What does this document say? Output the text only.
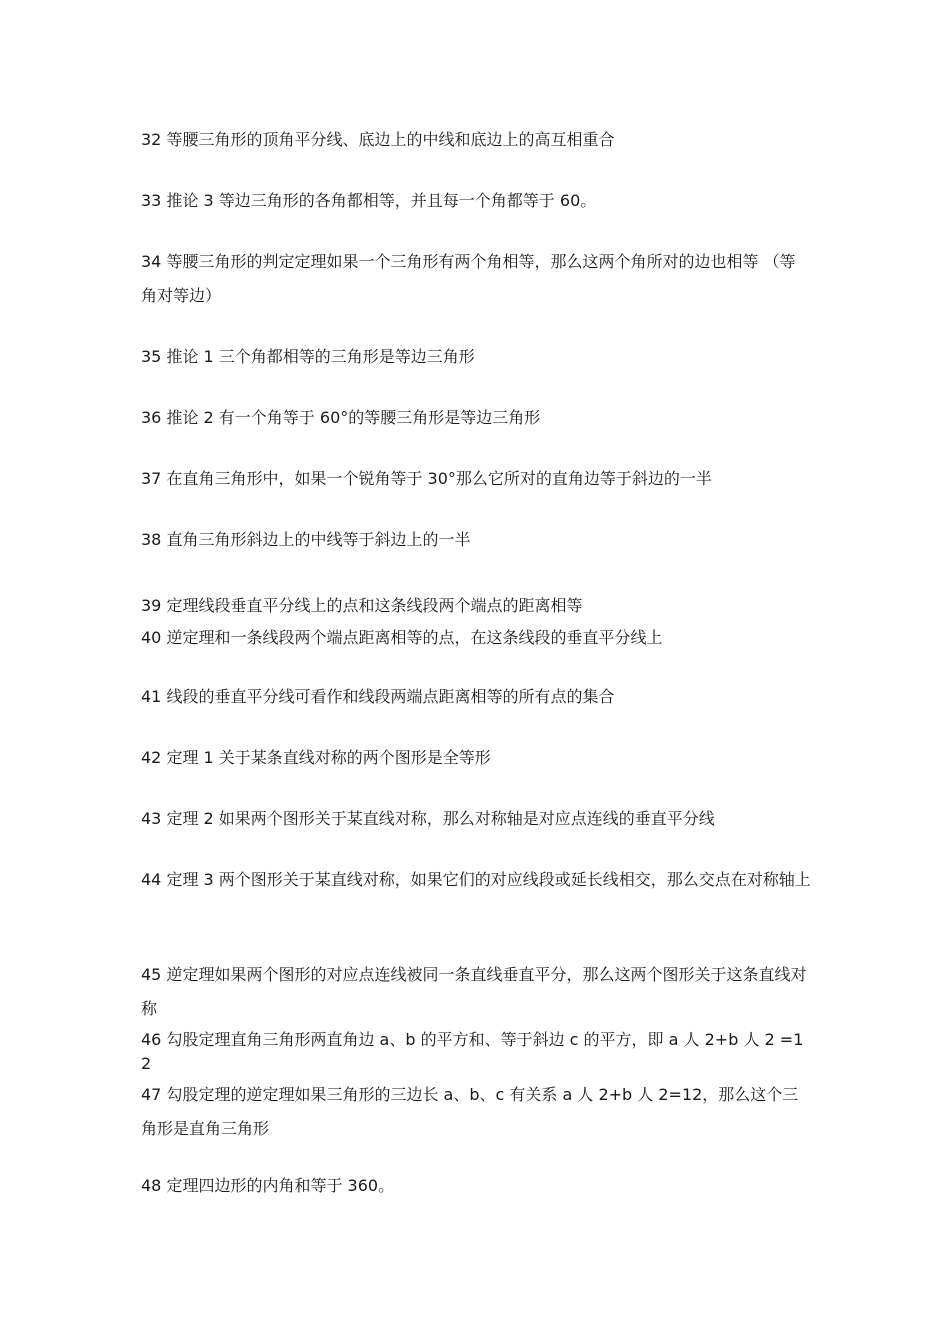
32 等腰三角形的顶角平分线、底边上的中线和底边上的高互相重合

33 推论 3 等边三角形的各角都相等，并且每一个角都等于 60。

34 等腰三角形的判定定理如果一个三角形有两个角相等，那么这两个角所对的边也相等 （等角对等边）

35 推论 1 三个角都相等的三角形是等边三角形

36 推论 2 有一个角等于 60°的等腰三角形是等边三角形

37 在直角三角形中，如果一个锐角等于 30°那么它所对的直角边等于斜边的一半

38 直角三角形斜边上的中线等于斜边上的一半

39 定理线段垂直平分线上的点和这条线段两个端点的距离相等

40 逆定理和一条线段两个端点距离相等的点，在这条线段的垂直平分线上

41 线段的垂直平分线可看作和线段两端点距离相等的所有点的集合

42 定理 1 关于某条直线对称的两个图形是全等形

43 定理 2 如果两个图形关于某直线对称，那么对称轴是对应点连线的垂直平分线

44 定理 3 两个图形关于某直线对称，如果它们的对应线段或延长线相交，那么交点在对称轴上

45 逆定理如果两个图形的对应点连线被同一条直线垂直平分，那么这两个图形关于这条直线对称

46 勾股定理直角三角形两直角边 a、b 的平方和、等于斜边 c 的平方，即 a 人 2+b 人 2 =12

47 勾股定理的逆定理如果三角形的三边长 a、b、c 有关系 a 人 2+b 人 2=12，那么这个三角形是直角三角形

48 定理四边形的内角和等于 360。
